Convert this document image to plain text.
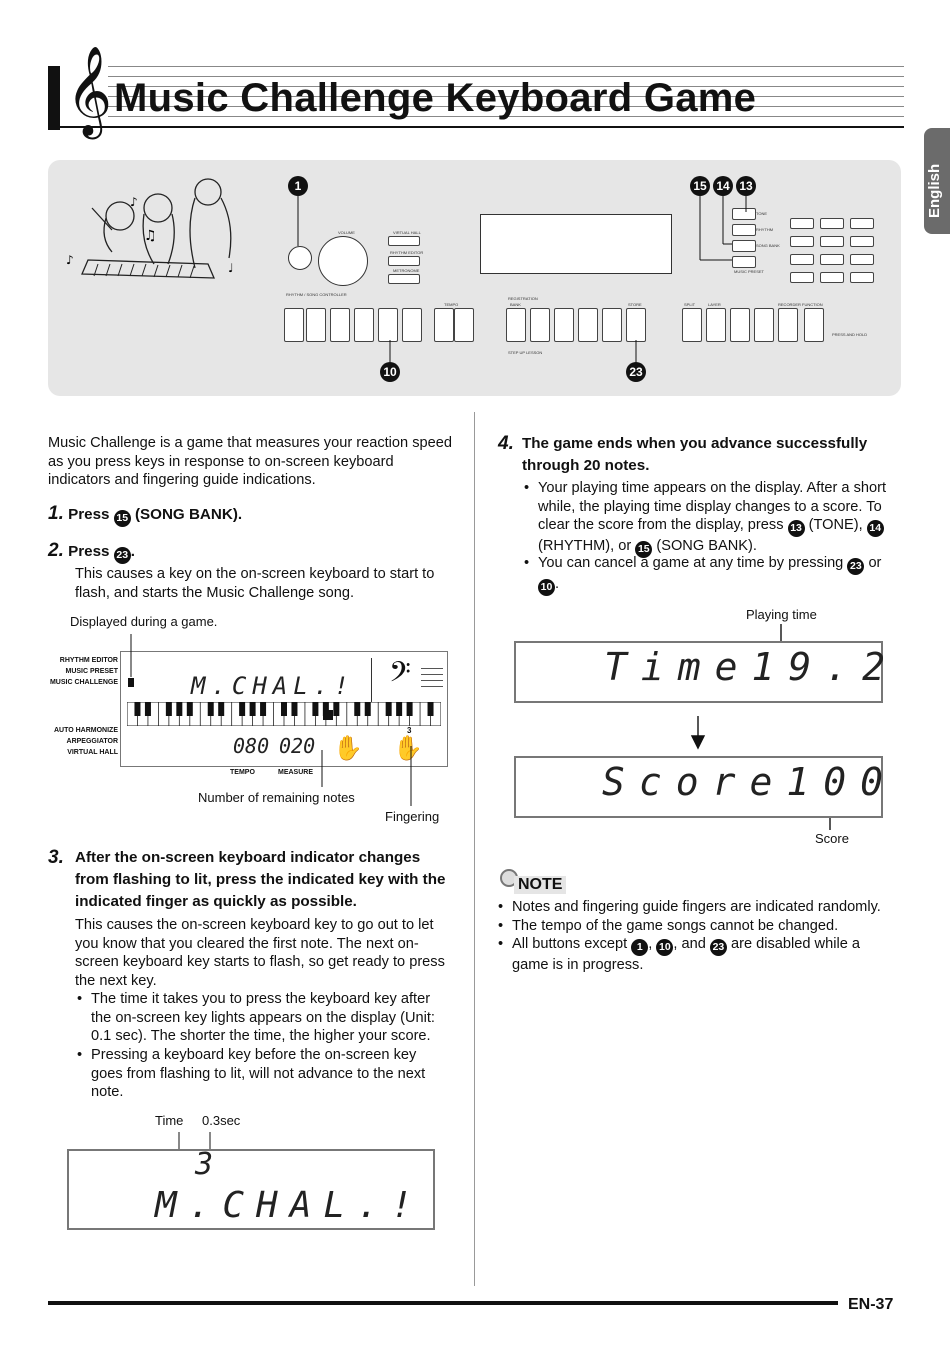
𝄞 Music Challenge Keyboard Game
English
♪
♫
♪
♩
VOLUME	VIRTUAL HALL
RHYTHM EDITOR
METRONOME
TONE
RHYTHM
SONG BANK
MUSIC PRESET
RHYTHM / SONG CONTROLLER
TEMPO
REGISTRATION
BANK	STORE
STEP UP LESSON
SPLIT	LAYER	RECORDER FUNCTION
PRESS AND HOLD
1	15 14 13
10	23
Music Challenge is a game that measures your reaction speed as you press keys in response to on-screen keyboard indicators and fingering guide indications.
1. Press 15 (SONG BANK).
2. Press 23 .
This causes a key on the on-screen keyboard to start to flash, and starts the Music Challenge song.
Displayed during a game.
RHYTHM EDITOR
MUSIC PRESET
MUSIC CHALLENGE
AUTO HARMONIZE
ARPEGGIATOR
VIRTUAL HALL
M.CHAL.! 𝄢
080 020 ✋ ✋
3
TEMPO	MEASURE
Number of remaining notes
Fingering
3. After the on-screen keyboard indicator changes from flashing to lit, press the indicated key with the indicated finger as quickly as possible.
This causes the on-screen keyboard key to go out to let you know that you cleared the first note. The next on-screen keyboard key starts to flash, so get ready to press the next key.
• The time it takes you to press the keyboard key after the on-screen key lights appears on the display (Unit: 0.1 sec). The shorter the time, the higher your score.
• Pressing a keyboard key before the on-screen key goes from flashing to lit, will not advance to the next note.
Time 0.3sec
3
M.CHAL.!
4. The game ends when you advance successfully through 20 notes.
• Your playing time appears on the display. After a short while, the playing time display changes to a score. To clear the score from the display, press 13 (TONE), 14 (RHYTHM), or 15 (SONG BANK).
• You can cancel a game at any time by pressing 23 or 10 .
Playing time
Time19.2
Score100
Score
NOTE
• Notes and fingering guide fingers are indicated randomly.
• The tempo of the game songs cannot be changed.
• All buttons except 1 , 10 , and 23 are disabled while a game is in progress.
EN-37
